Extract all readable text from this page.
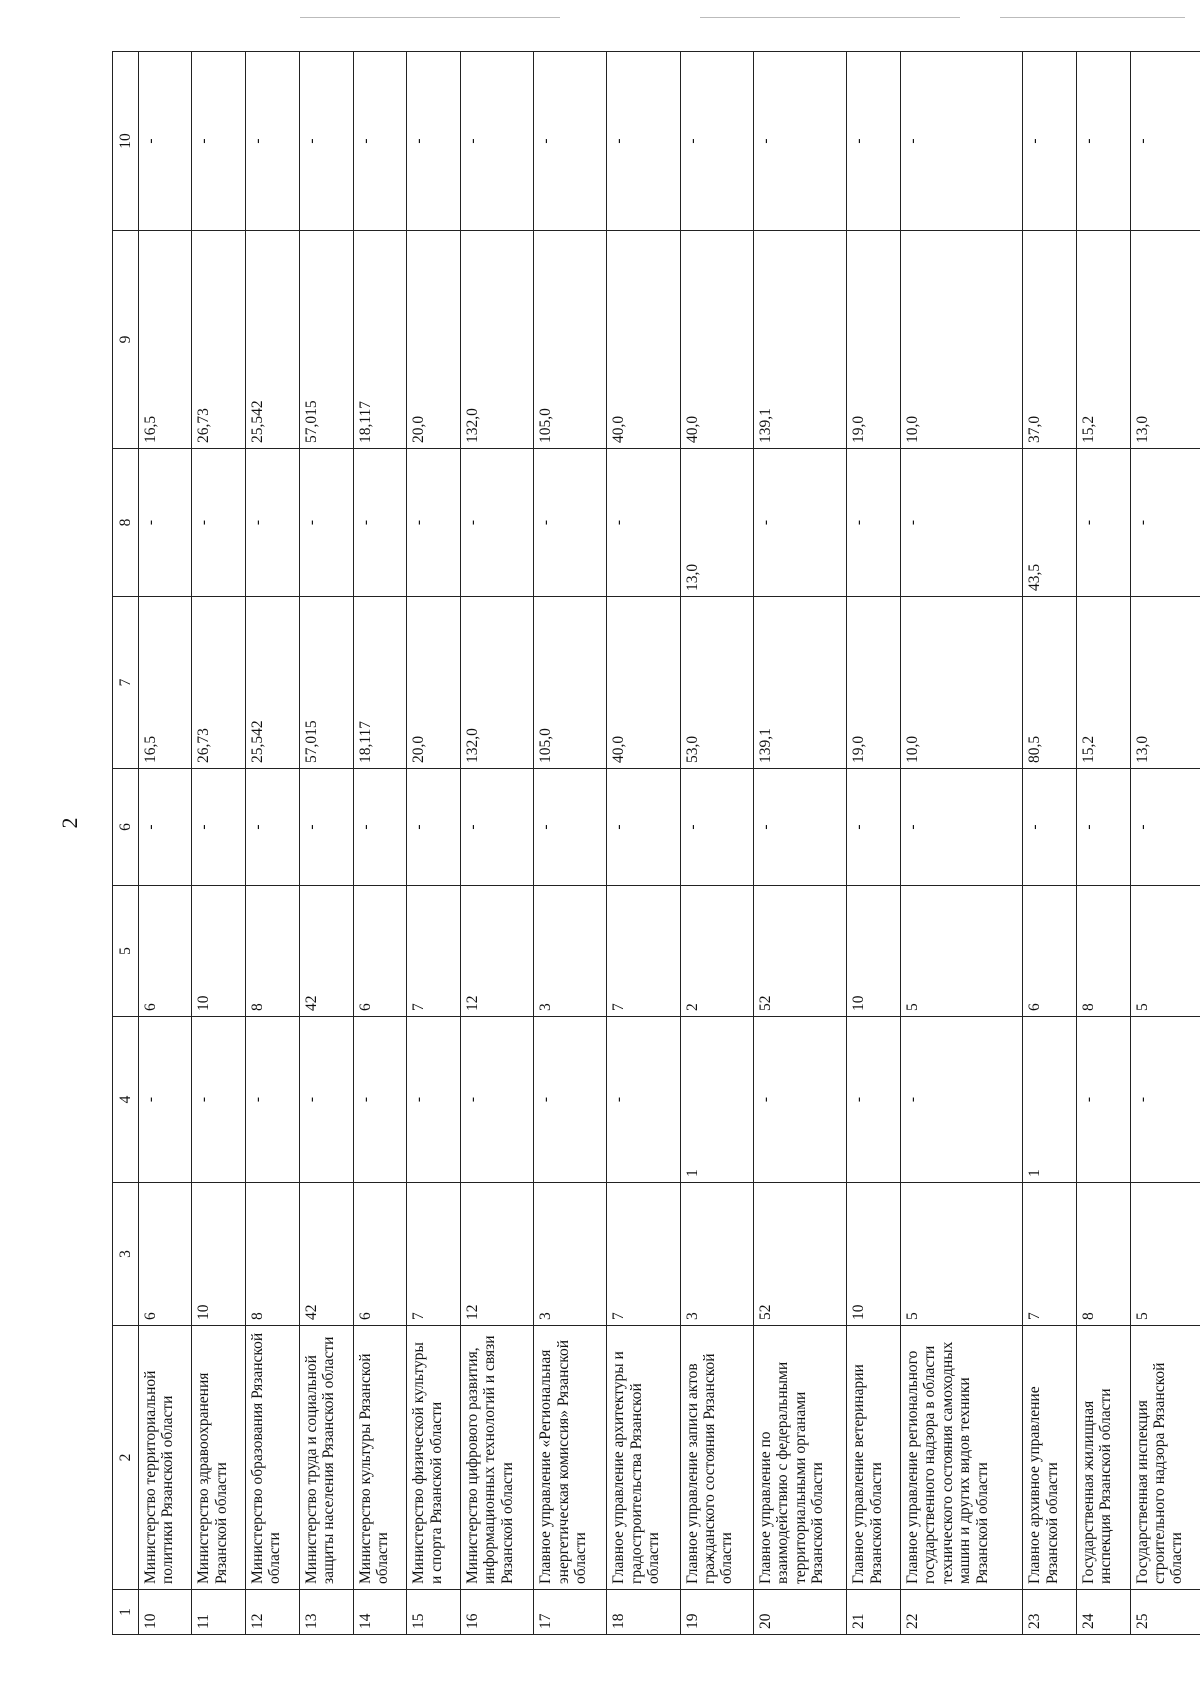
2
1	2	3	4	5	6	7	8	9	10
10	Министерство территориальной политики Рязанской области	6	-	6	-	16,5	-	16,5	-
11	Министерство здравоохранения Рязанской области	10	-	10	-	26,73	-	26,73	-
12	Министерство образования Рязанской области	8	-	8	-	25,542	-	25,542	-
13	Министерство труда и социальной защиты населения Рязанской области	42	-	42	-	57,015	-	57,015	-
14	Министерство культуры Рязанской области	6	-	6	-	18,117	-	18,117	-
15	Министерство физической культуры и спорта Рязанской области	7	-	7	-	20,0	-	20,0	-
16	Министерство цифрового развития, информационных технологий и связи Рязанской области	12	-	12	-	132,0	-	132,0	-
17	Главное управление «Региональная энергетическая комиссия» Рязанской области	3	-	3	-	105,0	-	105,0	-
18	Главное управление архитектуры и градостроительства Рязанской области	7	-	7	-	40,0	-	40,0	-
19	Главное управление записи актов гражданского состояния Рязанской области	3	1	2	-	53,0	13,0	40,0	-
20	Главное управление по взаимодействию с федеральными территориальными органами Рязанской области	52	-	52	-	139,1	-	139,1	-
21	Главное управление ветеринарии Рязанской области	10	-	10	-	19,0	-	19,0	-
22	Главное управление регионального государственного надзора в области технического состояния самоходных машин и других видов техники Рязанской области	5	-	5	-	10,0	-	10,0	-
23	Главное архивное управление Рязанской области	7	1	6	-	80,5	43,5	37,0	-
24	Государственная жилищная инспекция Рязанской области	8	-	8	-	15,2	-	15,2	-
25	Государственная инспекция строительного надзора Рязанской области	5	-	5	-	13,0	-	13,0	-
